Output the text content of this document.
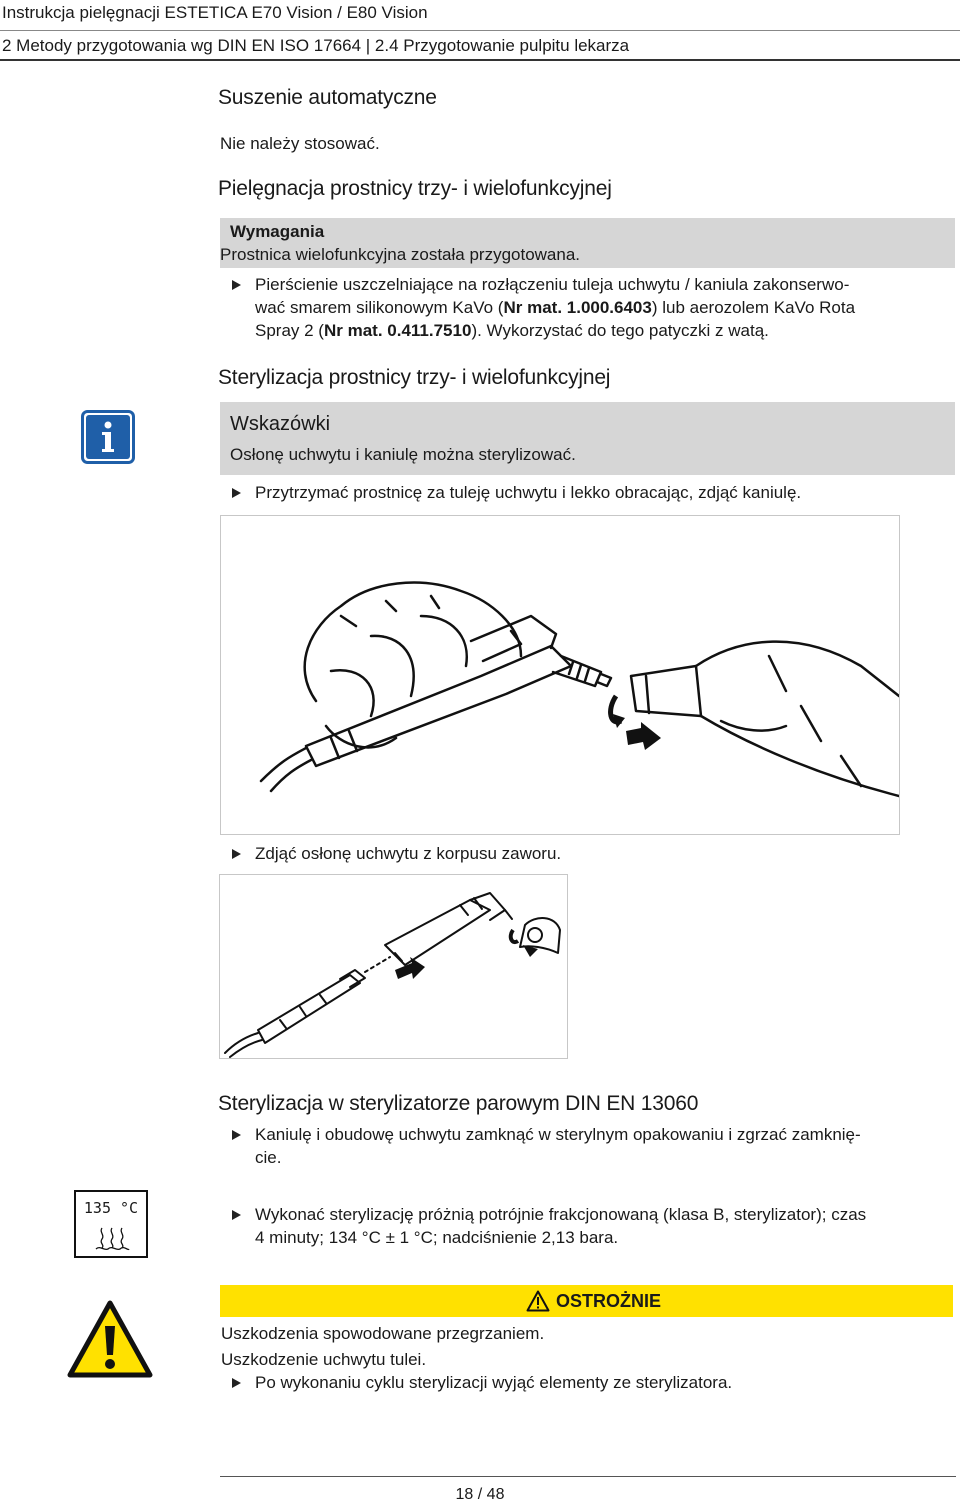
Instrukcja pielęgnacji ESTETICA E70 Vision / E80 Vision
2 Metody przygotowania wg DIN EN ISO 17664 | 2.4 Przygotowanie pulpitu lekarza
Suszenie automatyczne
Nie należy stosować.
Pielęgnacja prostnicy trzy- i wielofunkcyjnej
Wymagania
Prostnica wielofunkcyjna została przygotowana.
Pierścienie uszczelniające na rozłączeniu tuleja uchwytu / kaniula zakonserwo-
wać smarem silikonowym KaVo (Nr mat. 1.000.6403) lub aerozolem KaVo Rota
Spray 2 (Nr mat. 0.411.7510). Wykorzystać do tego patyczki z watą.
Sterylizacja prostnicy trzy- i wielofunkcyjnej
Wskazówki
Osłonę uchwytu i kaniulę można sterylizować.
Przytrzymać prostnicę za tuleję uchwytu i lekko obracając, zdjąć kaniulę.
Zdjąć osłonę uchwytu z korpusu zaworu.
Sterylizacja w sterylizatorze parowym DIN EN 13060
Kaniulę i obudowę uchwytu zamknąć w sterylnym opakowaniu i zgrzać zamknię-
cie.
135 °C	Wykonać sterylizację próżnią potrójnie frakcjonowaną (klasa B, sterylizator); czas
4 minuty; 134 °C ± 1 °C; nadciśnienie 2,13 bara.
OSTROŻNIE
Uszkodzenia spowodowane przegrzaniem.
Uszkodzenie uchwytu tulei.
Po wykonaniu cyklu sterylizacji wyjąć elementy ze sterylizatora.
18 / 48
